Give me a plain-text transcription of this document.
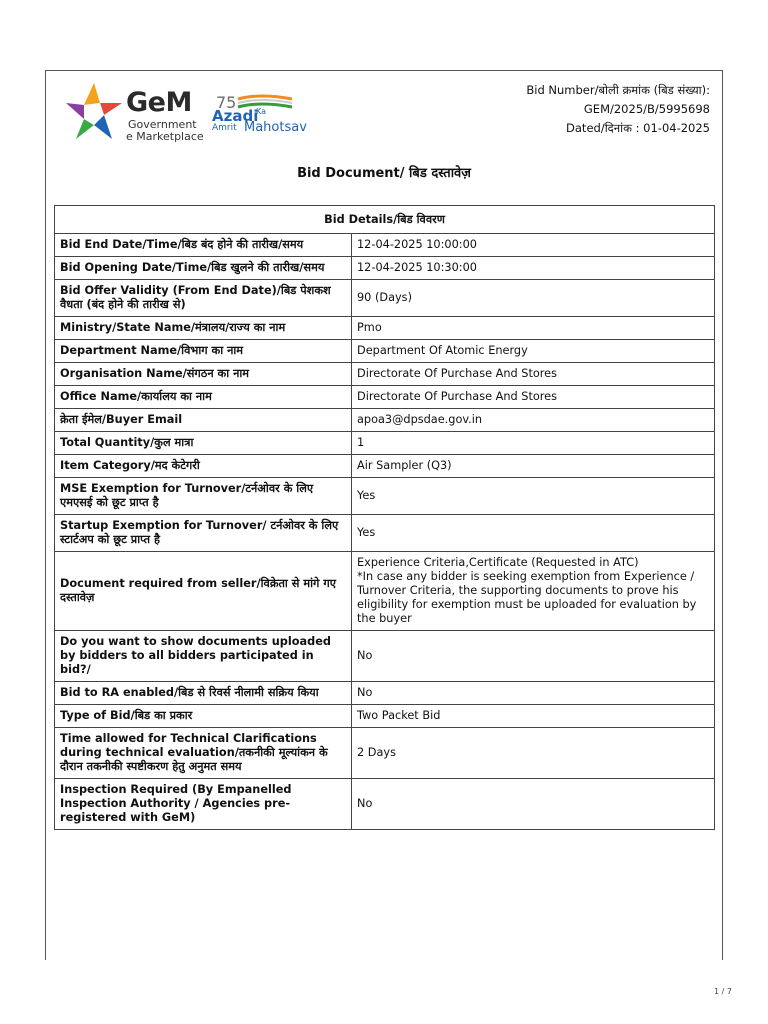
GeM
Government
e Marketplace
75
Azadi
Ka
Amrit Mahotsav
Bid Number/बोली क्रमांक (बिड संख्या):
GEM/2025/B/5995698
Dated/दिनांक : 01-04-2025
Bid Document/ बिड दस्तावेज़
Bid Details/बिड विवरण	
Bid End Date/Time/बिड बंद होने की तारीख/समय	12-04-2025 10:00:00
Bid Opening Date/Time/बिड खुलने की तारीख/समय	12-04-2025 10:30:00
Bid Offer Validity (From End Date)/बिड पेशकश वैधता (बंद होने की तारीख से)	90 (Days)
Ministry/State Name/मंत्रालय/राज्य का नाम	Pmo
Department Name/विभाग का नाम	Department Of Atomic Energy
Organisation Name/संगठन का नाम	Directorate Of Purchase And Stores
Office Name/कार्यालय का नाम	Directorate Of Purchase And Stores
क्रेता ईमेल/Buyer Email	apoa3@dpsdae.gov.in
Total Quantity/कुल मात्रा	1
Item Category/मद केटेगरी	Air Sampler (Q3)
MSE Exemption for Turnover/टर्नओवर के लिए एमएसई को छूट प्राप्त है	Yes
Startup Exemption for Turnover/ टर्नओवर के लिए स्टार्टअप को छूट प्राप्त है	Yes
Document required from seller/विक्रेता से मांगे गए दस्तावेज़	Experience Criteria,Certificate (Requested in ATC)
*In case any bidder is seeking exemption from Experience / Turnover Criteria, the supporting documents to prove his eligibility for exemption must be uploaded for evaluation by the buyer

Do you want to show documents uploaded by bidders to all bidders participated in bid?/	No
Bid to RA enabled/बिड से रिवर्स नीलामी सक्रिय किया	No
Type of Bid/बिड का प्रकार	Two Packet Bid
Time allowed for Technical Clarifications during technical evaluation/तकनीकी मूल्यांकन के दौरान तकनीकी स्पष्टीकरण हेतु अनुमत समय	2 Days
Inspection Required (By Empanelled Inspection Authority / Agencies pre-registered with GeM)	No
1 / 7
